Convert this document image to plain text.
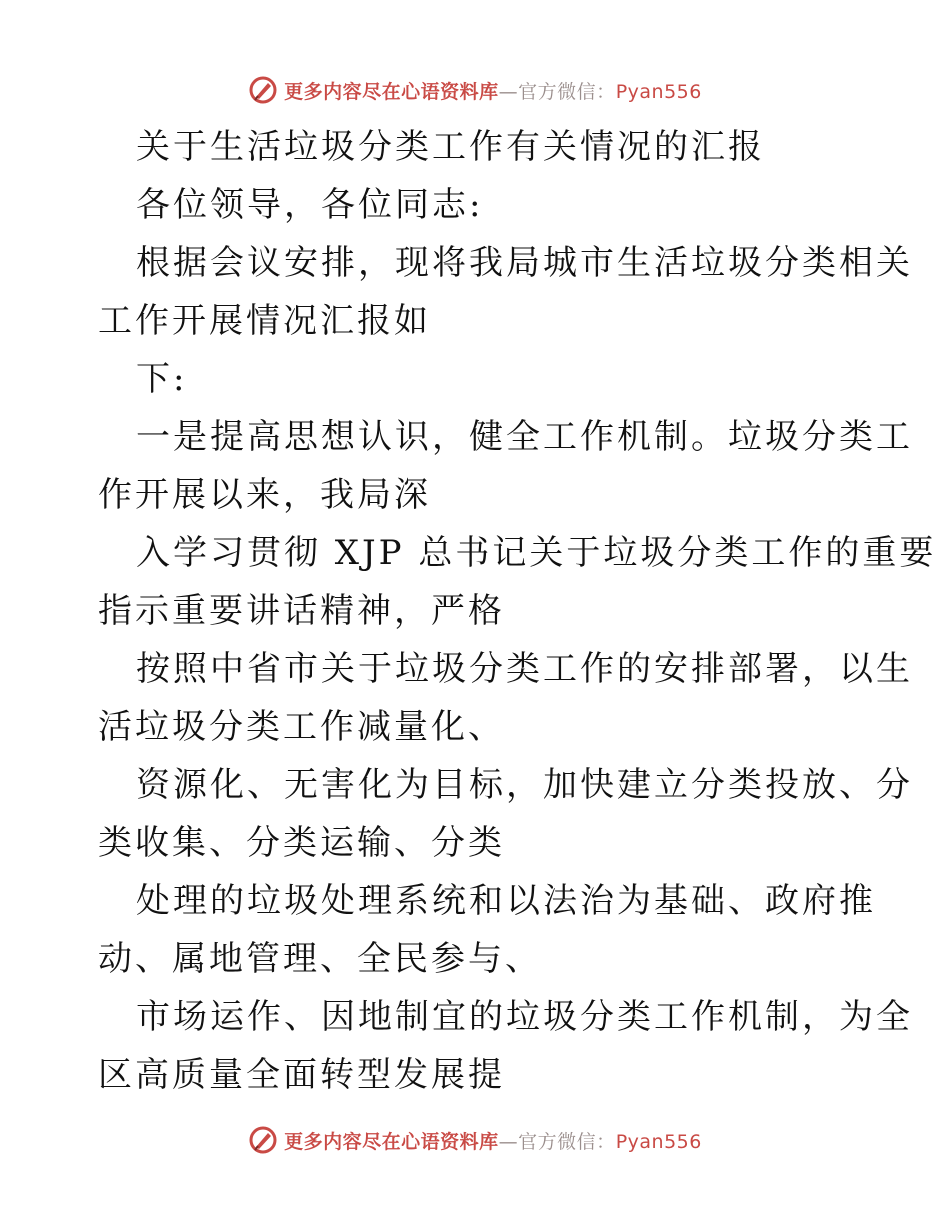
更多内容尽在心语资料库—官方微信：Pyan556
关于生活垃圾分类工作有关情况的汇报
各位领导，各位同志:
根据会议安排，现将我局城市生活垃圾分类相关
工作开展情况汇报如
下:
一是提高思想认识，健全工作机制。垃圾分类工
作开展以来，我局深
入学习贯彻 XJP 总书记关于垃圾分类工作的重要
指示重要讲话精神，严格
按照中省市关于垃圾分类工作的安排部署，以生
活垃圾分类工作减量化、
资源化、无害化为目标，加快建立分类投放、分
类收集、分类运输、分类
处理的垃圾处理系统和以法治为基础、政府推
动、属地管理、全民参与、
市场运作、因地制宜的垃圾分类工作机制，为全
区高质量全面转型发展提
更多内容尽在心语资料库—官方微信：Pyan556
